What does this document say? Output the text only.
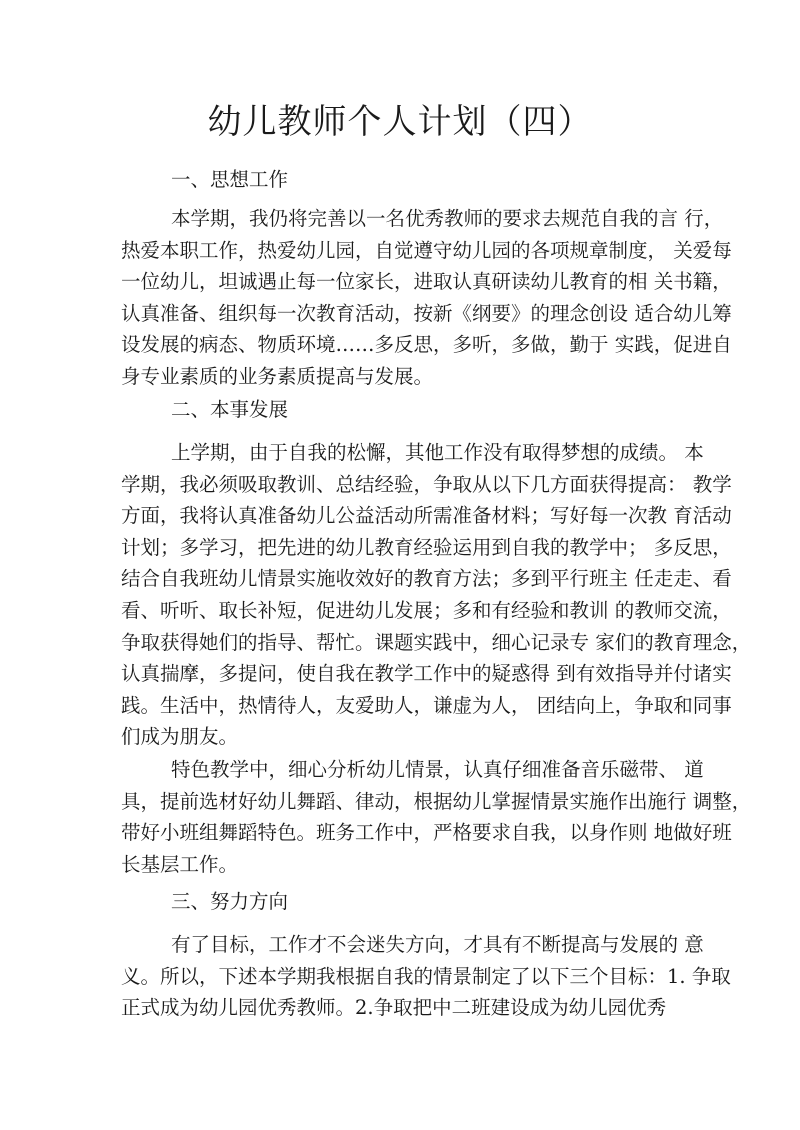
幼儿教师个人计划（四）
一、思想工作
本学期，我仍将完善以一名优秀教师的要求去规范自我的言 行，
热爱本职工作，热爱幼儿园，自觉遵守幼儿园的各项规章制度， 关爱每
一位幼儿，坦诚遇止每一位家长，进取认真研读幼儿教育的相 关书籍，
认真准备、组织每一次教育活动，按新《纲要》的理念创设 适合幼儿筹
设发展的病态、物质环境……多反思，多听，多做，勤于 实践，促进自
身专业素质的业务素质提高与发展。
二、本事发展
上学期，由于自我的松懈，其他工作没有取得梦想的成绩。 本
学期，我必须吸取教训、总结经验，争取从以下几方面获得提高： 教学
方面，我将认真准备幼儿公益活动所需准备材料；写好每一次教 育活动
计划；多学习，把先进的幼儿教育经验运用到自我的教学中； 多反思，
结合自我班幼儿情景实施收效好的教育方法；多到平行班主 任走走、看
看、听听、取长补短，促进幼儿发展；多和有经验和教训 的教师交流，
争取获得她们的指导、帮忙。课题实践中，细心记录专 家们的教育理念，
认真揣摩，多提问，使自我在教学工作中的疑惑得 到有效指导并付诸实
践。生活中，热情待人，友爱助人，谦虚为人， 团结向上，争取和同事
们成为朋友。
特色教学中，细心分析幼儿情景，认真仔细准备音乐磁带、 道
具，提前选材好幼儿舞蹈、律动，根据幼儿掌握情景实施作出施行 调整，
带好小班组舞蹈特色。班务工作中，严格要求自我，以身作则 地做好班
长基层工作。
三、努力方向
有了目标，工作才不会迷失方向，才具有不断提高与发展的 意
义。所以，下述本学期我根据自我的情景制定了以下三个目标：1. 争取
正式成为幼儿园优秀教师。2.争取把中二班建设成为幼儿园优秀
